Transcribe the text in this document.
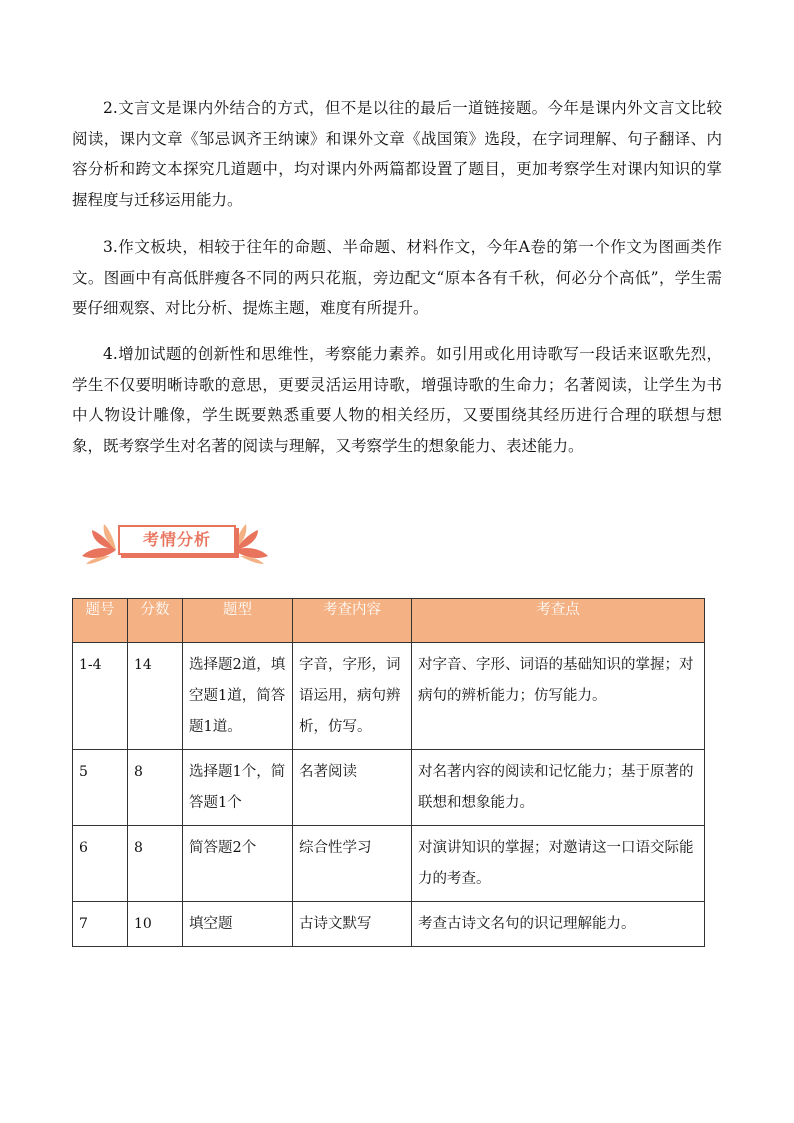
2.文言文是课内外结合的方式，但不是以往的最后一道链接题。今年是课内外文言文比较阅读，课内文章《邹忌讽齐王纳谏》和课外文章《战国策》选段，在字词理解、句子翻译、内容分析和跨文本探究几道题中，均对课内外两篇都设置了题目，更加考察学生对课内知识的掌握程度与迁移运用能力。

3.作文板块，相较于往年的命题、半命题、材料作文，今年A卷的第一个作文为图画类作文。图画中有高低胖瘦各不同的两只花瓶，旁边配文“原本各有千秋，何必分个高低”，学生需要仔细观察、对比分析、提炼主题，难度有所提升。

4.增加试题的创新性和思维性，考察能力素养。如引用或化用诗歌写一段话来讴歌先烈，学生不仅要明晰诗歌的意思，更要灵活运用诗歌，增强诗歌的生命力；名著阅读，让学生为书中人物设计雕像，学生既要熟悉重要人物的相关经历，又要围绕其经历进行合理的联想与想象，既考察学生对名著的阅读与理解，又考察学生的想象能力、表述能力。

考情分析
题号	分数	题型	考查内容	考查点
1-4	14	选择题2道，填空题1道，简答题1道。	字音，字形，词语运用，病句辨析，仿写。	对字音、字形、词语的基础知识的掌握；对病句的辨析能力；仿写能力。
5	8	选择题1个，简答题1个	名著阅读	对名著内容的阅读和记忆能力；基于原著的联想和想象能力。
6	8	简答题2个	综合性学习	对演讲知识的掌握；对邀请这一口语交际能力的考查。
7	10	填空题	古诗文默写	考查古诗文名句的识记理解能力。
